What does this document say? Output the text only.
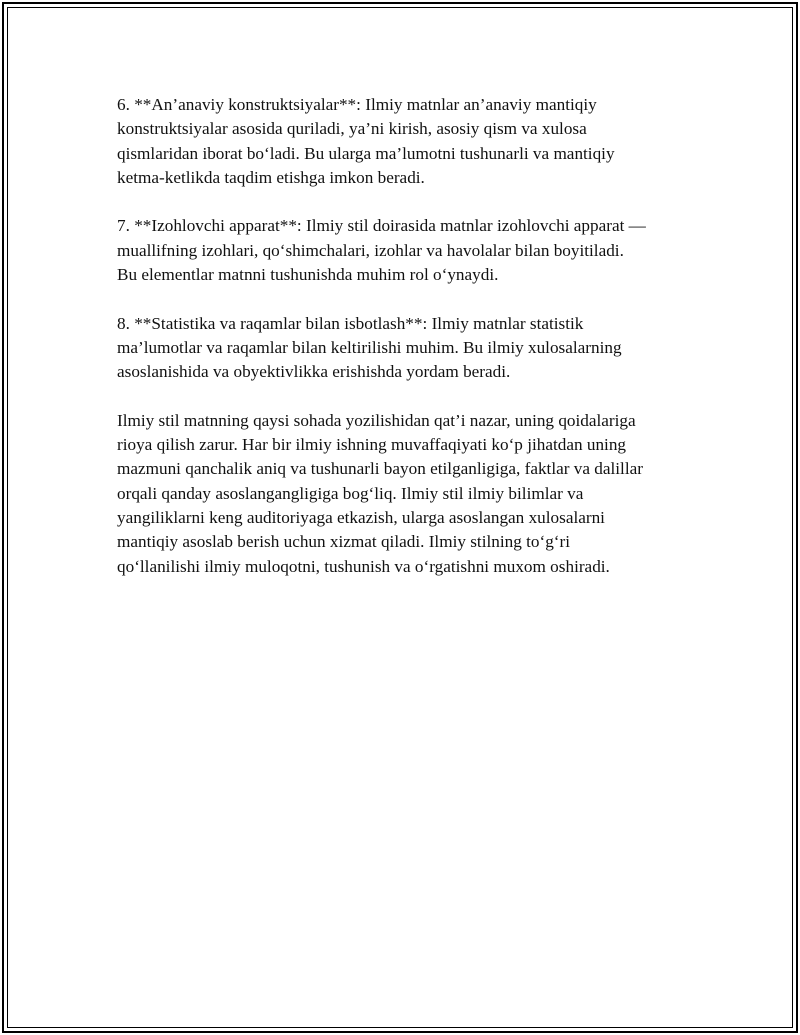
6. **An’anaviy konstruktsiyalar**: Ilmiy matnlar an’anaviy mantiqiy
konstruktsiyalar asosida quriladi, ya’ni kirish, asosiy qism va xulosa
qismlaridan iborat bo‘ladi. Bu ularga ma’lumotni tushunarli va mantiqiy
ketma-ketlikda taqdim etishga imkon beradi.

7. **Izohlovchi apparat**: Ilmiy stil doirasida matnlar izohlovchi apparat —
muallifning izohlari, qo‘shimchalari, izohlar va havolalar bilan boyitiladi.
Bu elementlar matnni tushunishda muhim rol o‘ynaydi.

8. **Statistika va raqamlar bilan isbotlash**: Ilmiy matnlar statistik
ma’lumotlar va raqamlar bilan keltirilishi muhim. Bu ilmiy xulosalarning
asoslanishida va obyektivlikka erishishda yordam beradi.

Ilmiy stil matnning qaysi sohada yozilishidan qat’i nazar, uning qoidalariga
rioya qilish zarur. Har bir ilmiy ishning muvaffaqiyati ko‘p jihatdan uning
mazmuni qanchalik aniq va tushunarli bayon etilganligiga, faktlar va dalillar
orqali qanday asoslangangligiga bog‘liq. Ilmiy stil ilmiy bilimlar va
yangiliklarni keng auditoriyaga etkazish, ularga asoslangan xulosalarni
mantiqiy asoslab berish uchun xizmat qiladi. Ilmiy stilning to‘g‘ri
qo‘llanilishi ilmiy muloqotni, tushunish va o‘rgatishni muxom oshiradi.
